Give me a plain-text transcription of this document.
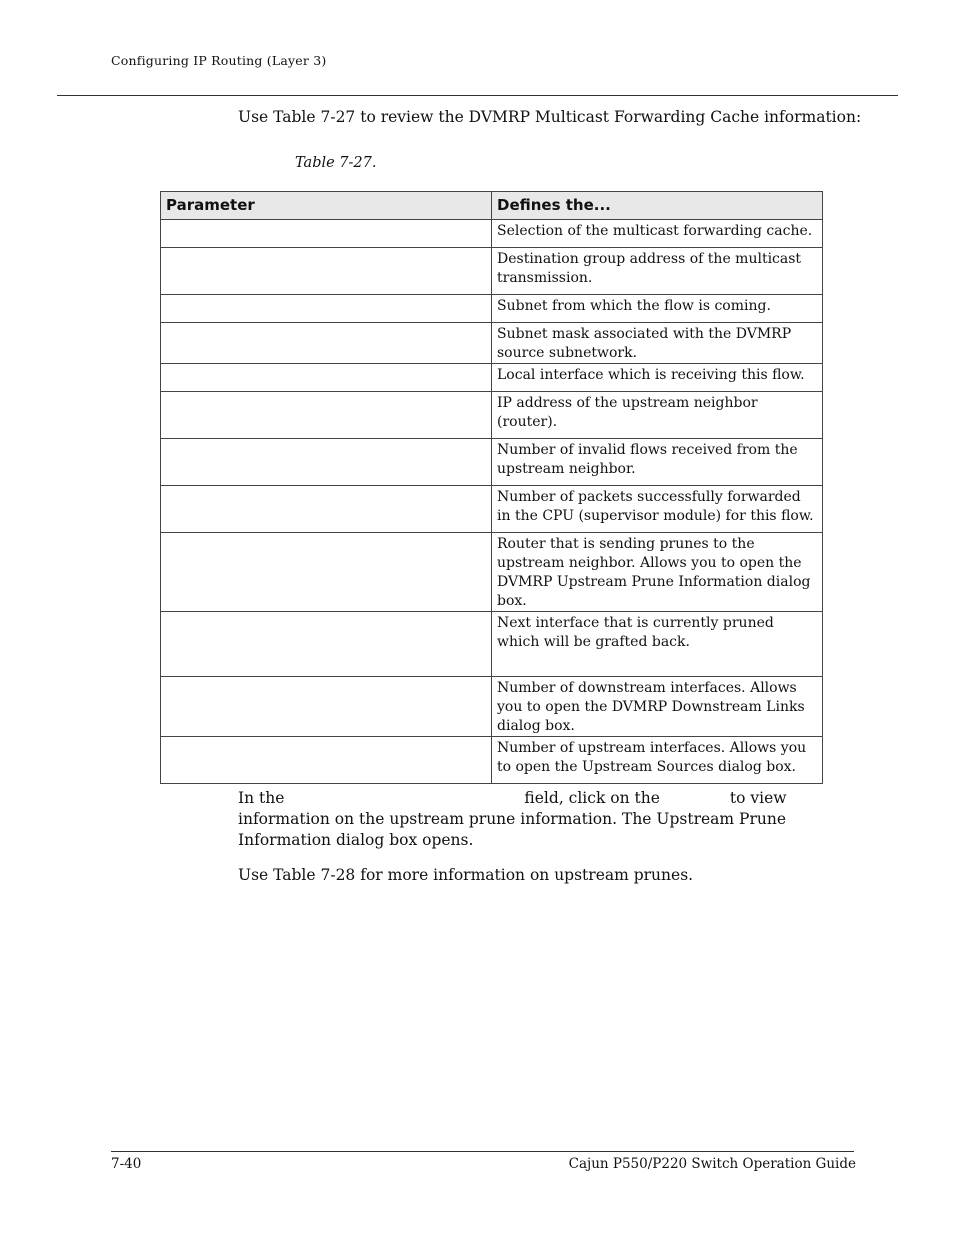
Configuring IP Routing (Layer 3)
Use Table 7-27 to review the DVMRP Multicast Forwarding Cache information:
Table 7-27.
Parameter	Defines the...
	Selection of the multicast forwarding cache.
	Destination group address of the multicast transmission.
	Subnet from which the flow is coming.
	Subnet mask associated with the DVMRP source subnetwork.
	Local interface which is receiving this flow.
	IP address of the upstream neighbor (router).
	Number of invalid flows received from the upstream neighbor.
	Number of packets successfully forwarded in the CPU (supervisor module) for this flow.
	Router that is sending prunes to the upstream neighbor. Allows you to open the DVMRP Upstream Prune Information dialog box.
	Next interface that is currently pruned which will be grafted back.
	Number of downstream interfaces. Allows you to open the DVMRP Downstream Links dialog box.
	Number of upstream interfaces. Allows you to open the Upstream Sources dialog box.
In the	field, click on the	to view information on the upstream prune information. The Upstream Prune Information dialog box opens.
Use Table 7-28 for more information on upstream prunes.
7-40	Cajun P550/P220 Switch Operation Guide
